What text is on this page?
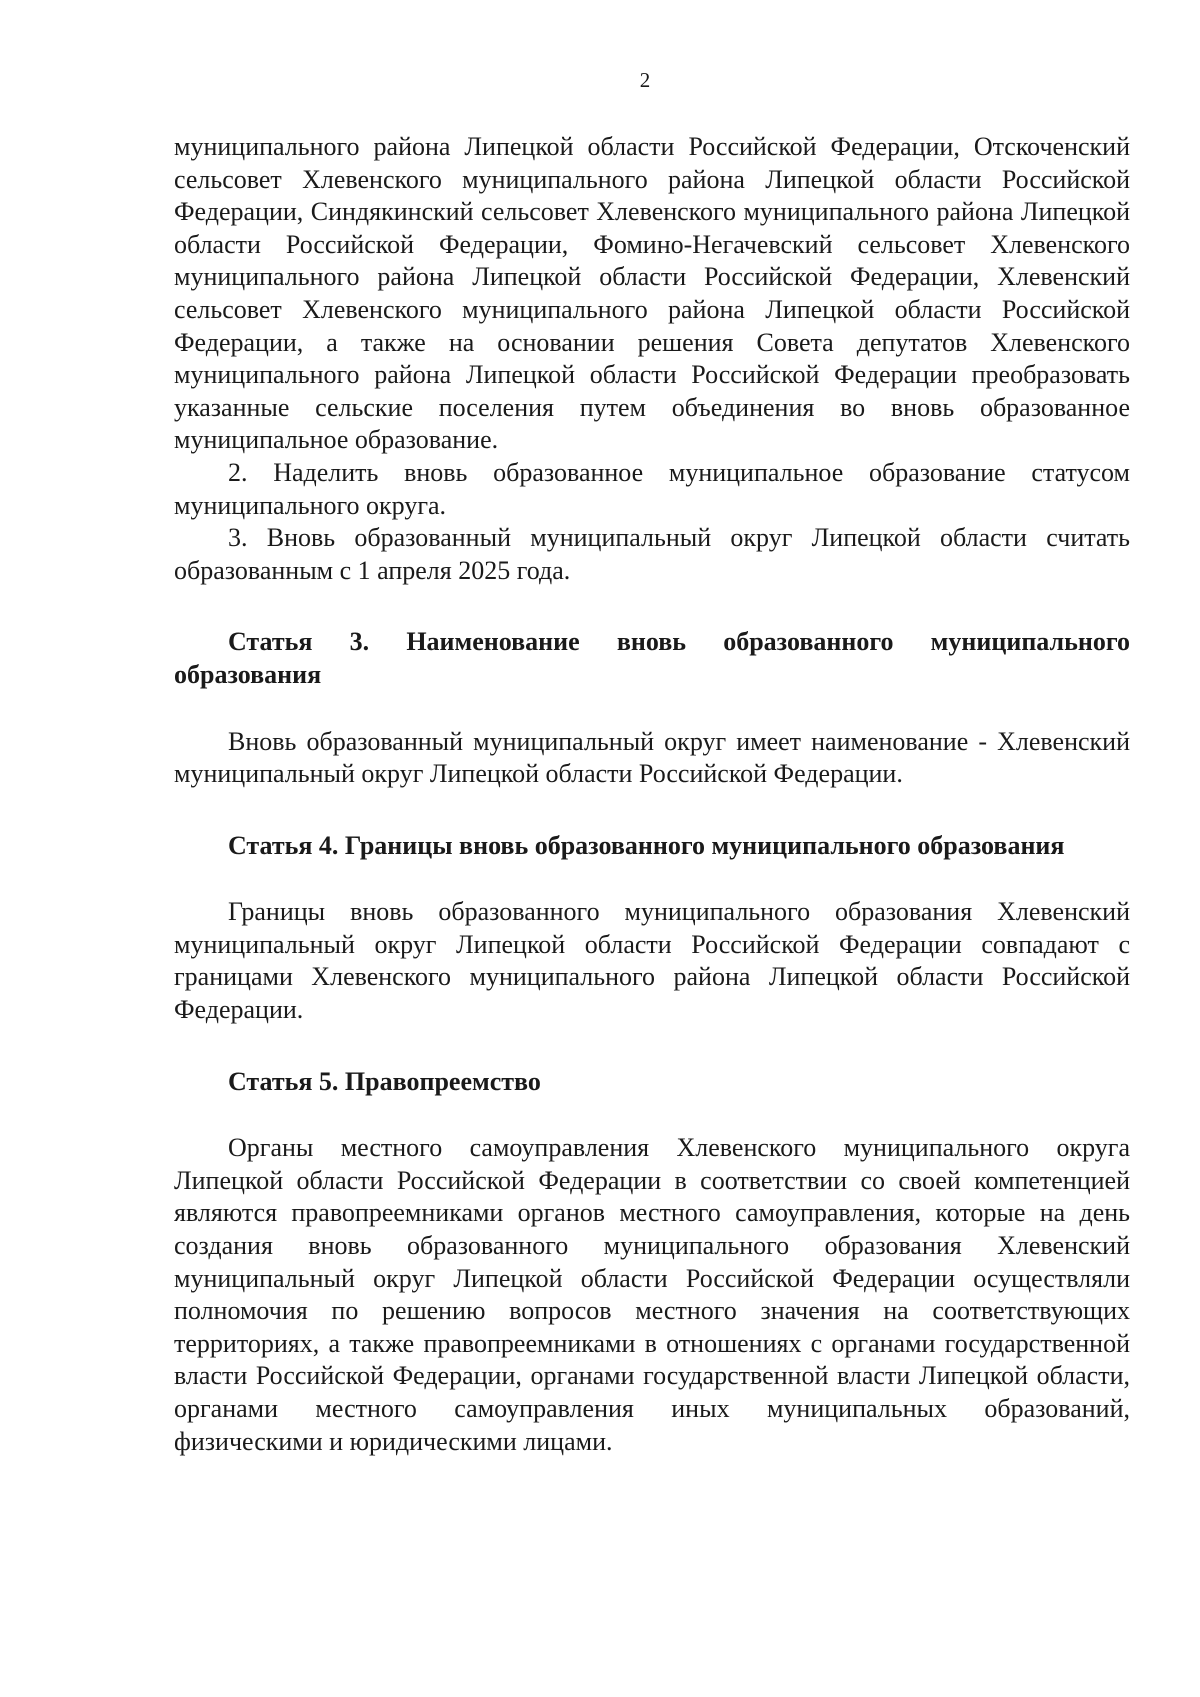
2

муниципального района Липецкой области Российской Федерации, Отскоченский сельсовет Хлевенского муниципального района Липецкой области Российской Федерации, Синдякинский сельсовет Хлевенского муниципального района Липецкой области Российской Федерации, Фомино-Негачевский сельсовет Хлевенского муниципального района Липецкой области Российской Федерации, Хлевенский сельсовет Хлевенского муниципального района Липецкой области Российской Федерации, а также на основании решения Совета депутатов Хлевенского муниципального района Липецкой области Российской Федерации преобразовать указанные сельские поселения путем объединения во вновь образованное муниципальное образование.

2. Наделить вновь образованное муниципальное образование статусом муниципального округа.

3. Вновь образованный муниципальный округ Липецкой области считать образованным с 1 апреля 2025 года.

Статья 3. Наименование вновь образованного муниципального образования

Вновь образованный муниципальный округ имеет наименование - Хлевенский муниципальный округ Липецкой области Российской Федерации.

Статья 4. Границы вновь образованного муниципального образования

Границы вновь образованного муниципального образования Хлевенский муниципальный округ Липецкой области Российской Федерации совпадают с границами Хлевенского муниципального района Липецкой области Российской Федерации.

Статья 5. Правопреемство

Органы местного самоуправления Хлевенского муниципального округа Липецкой области Российской Федерации в соответствии со своей компетенцией являются правопреемниками органов местного самоуправления, которые на день создания вновь образованного муниципального образования Хлевенский муниципальный округ Липецкой области Российской Федерации осуществляли полномочия по решению вопросов местного значения на соответствующих территориях, а также правопреемниками в отношениях с органами государственной власти Российской Федерации, органами государственной власти Липецкой области, органами местного самоуправления иных муниципальных образований, физическими и юридическими лицами.
